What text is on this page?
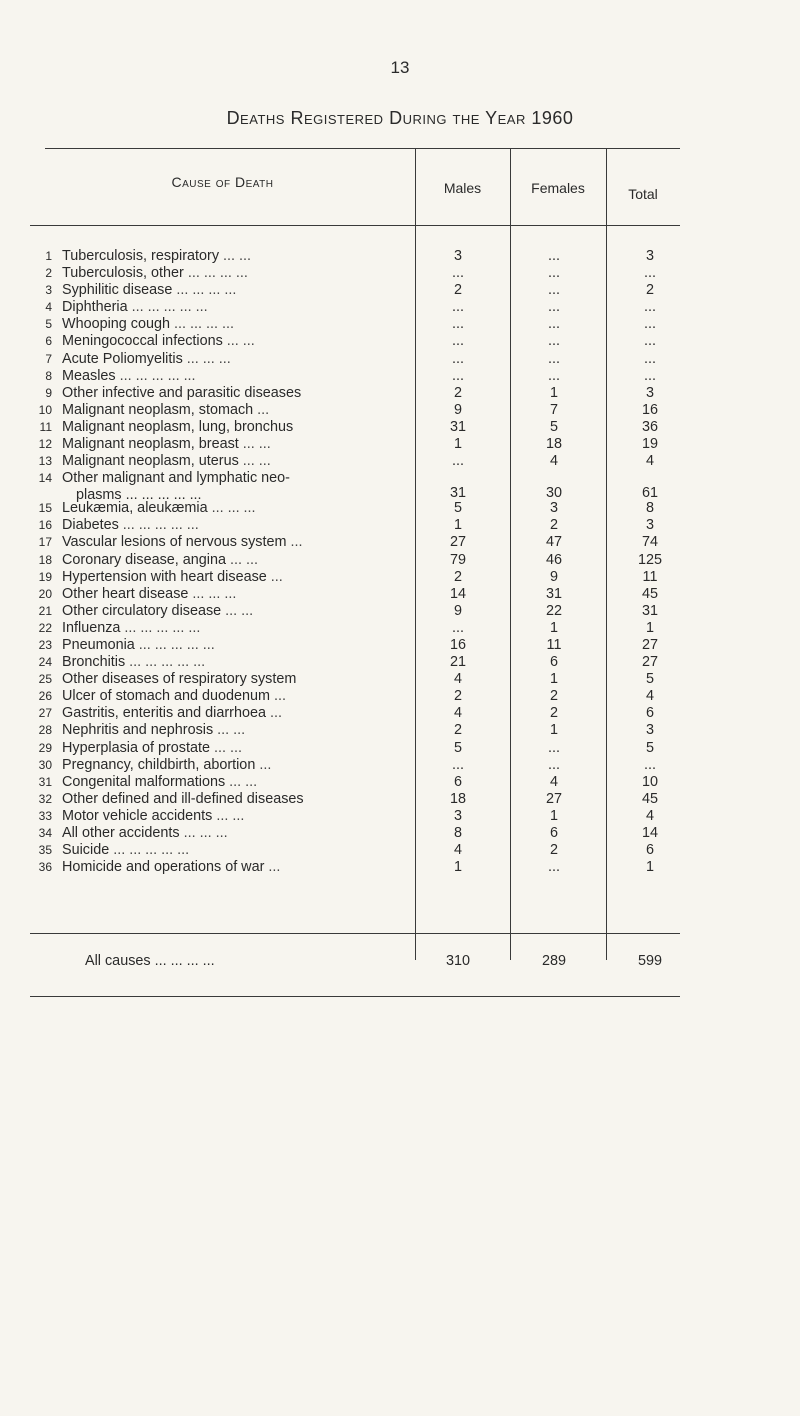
13
Deaths Registered During the Year 1960
Cause of Death	Males	Females	Total
1 Tuberculosis, respiratory ... ...	3	...	3
2 Tuberculosis, other ... ... ... ...	...	...	...
3 Syphilitic disease ... ... ... ...	2	...	2
4 Diphtheria ... ... ... ... ...	...	...	...
5 Whooping cough ... ... ... ...	...	...	...
6 Meningococcal infections ... ...	...	...	...
7 Acute Poliomyelitis ... ... ...	...	...	...
8 Measles ... ... ... ... ...	...	...	...
9 Other infective and parasitic diseases	2	1	3
10 Malignant neoplasm, stomach ...	9	7	16
11 Malignant neoplasm, lung, bronchus	31	5	36
12 Malignant neoplasm, breast ... ...	1	18	19
13 Malignant neoplasm, uterus ... ...	...	4	4
14 Other malignant and lymphatic neo-
plasms ... ... ... ... ...	31	30	61
15 Leukæmia, aleukæmia ... ... ...	5	3	8
16 Diabetes ... ... ... ... ...	1	2	3
17 Vascular lesions of nervous system ...	27	47	74
18 Coronary disease, angina ... ...	79	46	125
19 Hypertension with heart disease ...	2	9	11
20 Other heart disease ... ... ...	14	31	45
21 Other circulatory disease ... ...	9	22	31
22 Influenza ... ... ... ... ...	...	1	1
23 Pneumonia ... ... ... ... ...	16	11	27
24 Bronchitis ... ... ... ... ...	21	6	27
25 Other diseases of respiratory system	4	1	5
26 Ulcer of stomach and duodenum ...	2	2	4
27 Gastritis, enteritis and diarrhoea ...	4	2	6
28 Nephritis and nephrosis ... ...	2	1	3
29 Hyperplasia of prostate ... ...	5	...	5
30 Pregnancy, childbirth, abortion ...	...	...	...
31 Congenital malformations ... ...	6	4	10
32 Other defined and ill-defined diseases	18	27	45
33 Motor vehicle accidents ... ...	3	1	4
34 All other accidents ... ... ...	8	6	14
35 Suicide ... ... ... ... ...	4	2	6
36 Homicide and operations of war ...	1	...	1
All causes ... ... ... ...	310	289	599
